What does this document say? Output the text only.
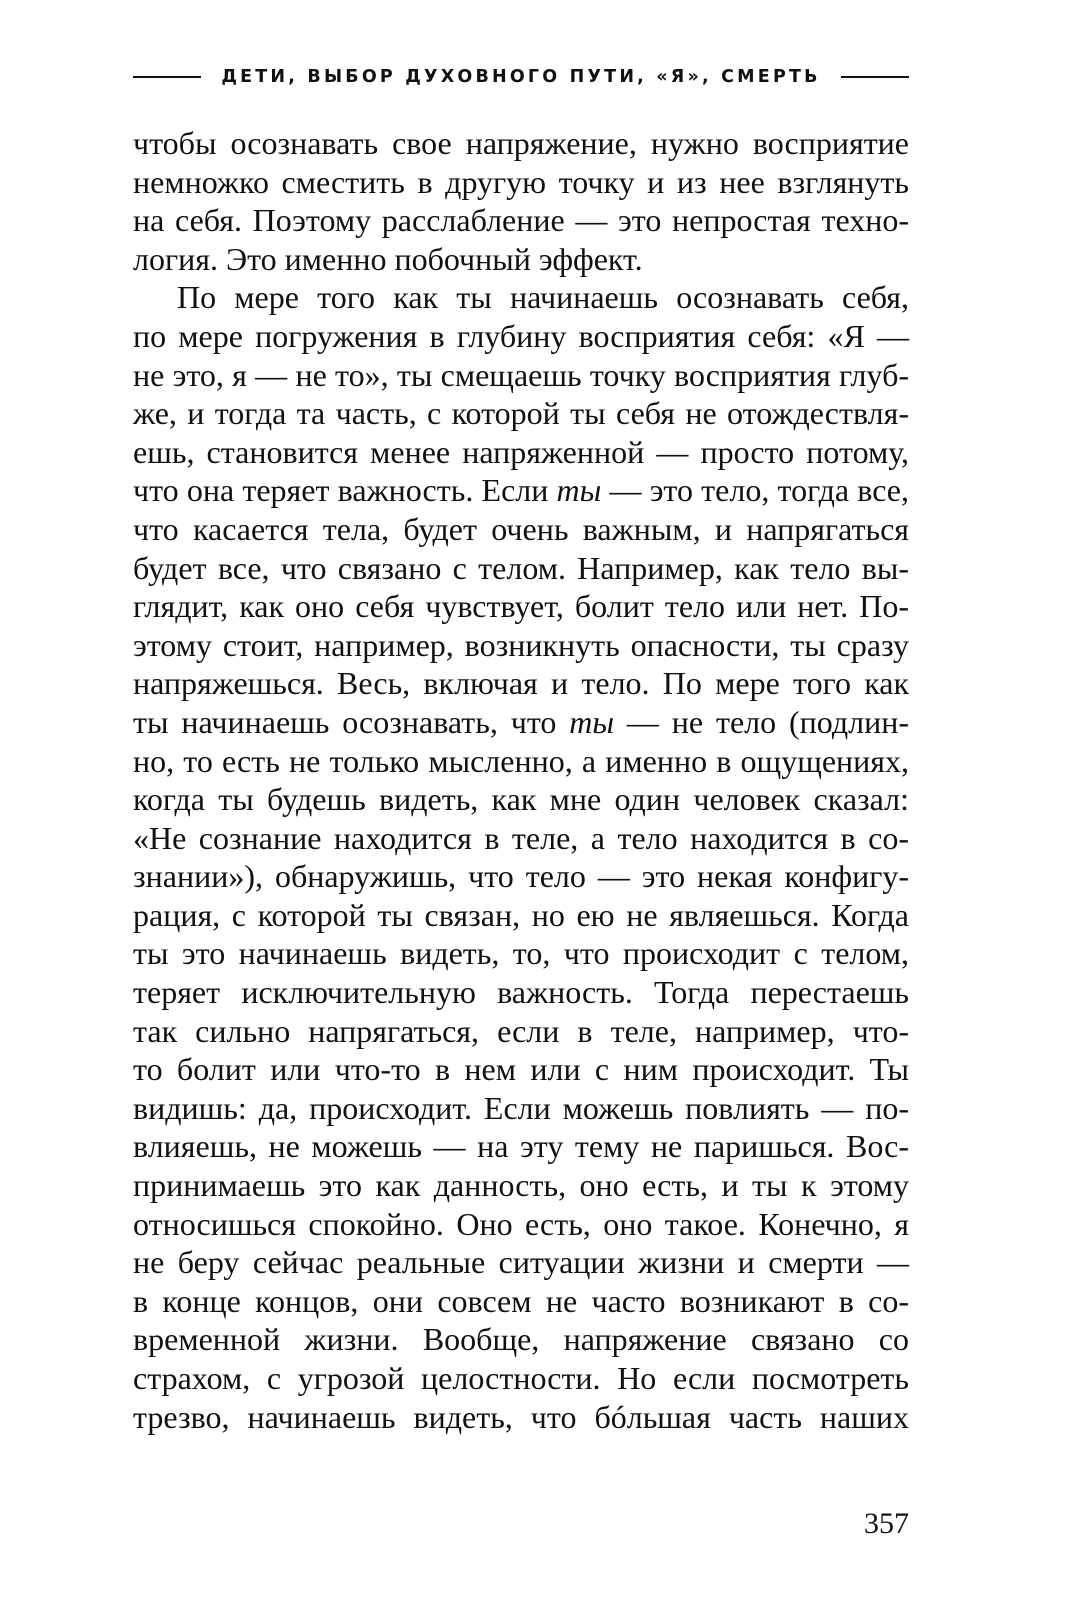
ДЕТИ, ВЫБОР ДУХОВНОГО ПУТИ, «Я», СМЕРТЬ
чтобы осознавать свое напряжение, нужно восприятие
немножко сместить в другую точку и из нее взглянуть
на себя. Поэтому расслабление — это непростая техно-
логия. Это именно побочный эффект.
По мере того как ты начинаешь осознавать себя,
по мере погружения в глубину восприятия себя: «Я —
не это, я — не то», ты смещаешь точку восприятия глуб-
же, и тогда та часть, с которой ты себя не отождествля-
ешь, становится менее напряженной — просто потому,
что она теряет важность. Если ты — это тело, тогда все,
что касается тела, будет очень важным, и напрягаться
будет все, что связано с телом. Например, как тело вы-
глядит, как оно себя чувствует, болит тело или нет. По-
этому стоит, например, возникнуть опасности, ты сразу
напряжешься. Весь, включая и тело. По мере того как
ты начинаешь осознавать, что ты — не тело (подлин-
но, то есть не только мысленно, а именно в ощущениях,
когда ты будешь видеть, как мне один человек сказал:
«Не сознание находится в теле, а тело находится в со-
знании»), обнаружишь, что тело — это некая конфигу-
рация, с которой ты связан, но ею не являешься. Когда
ты это начинаешь видеть, то, что происходит с телом,
теряет исключительную важность. Тогда перестаешь
так сильно напрягаться, если в теле, например, что-
то болит или что-то в нем или с ним происходит. Ты
видишь: да, происходит. Если можешь повлиять — по-
влияешь, не можешь — на эту тему не паришься. Вос-
принимаешь это как данность, оно есть, и ты к этому
относишься спокойно. Оно есть, оно такое. Конечно, я
не беру сейчас реальные ситуации жизни и смерти —
в конце концов, они совсем не часто возникают в со-
временной жизни. Вообще, напряжение связано со
страхом, с угрозой целостности. Но если посмотреть
трезво, начинаешь видеть, что бóльшая часть наших
357
